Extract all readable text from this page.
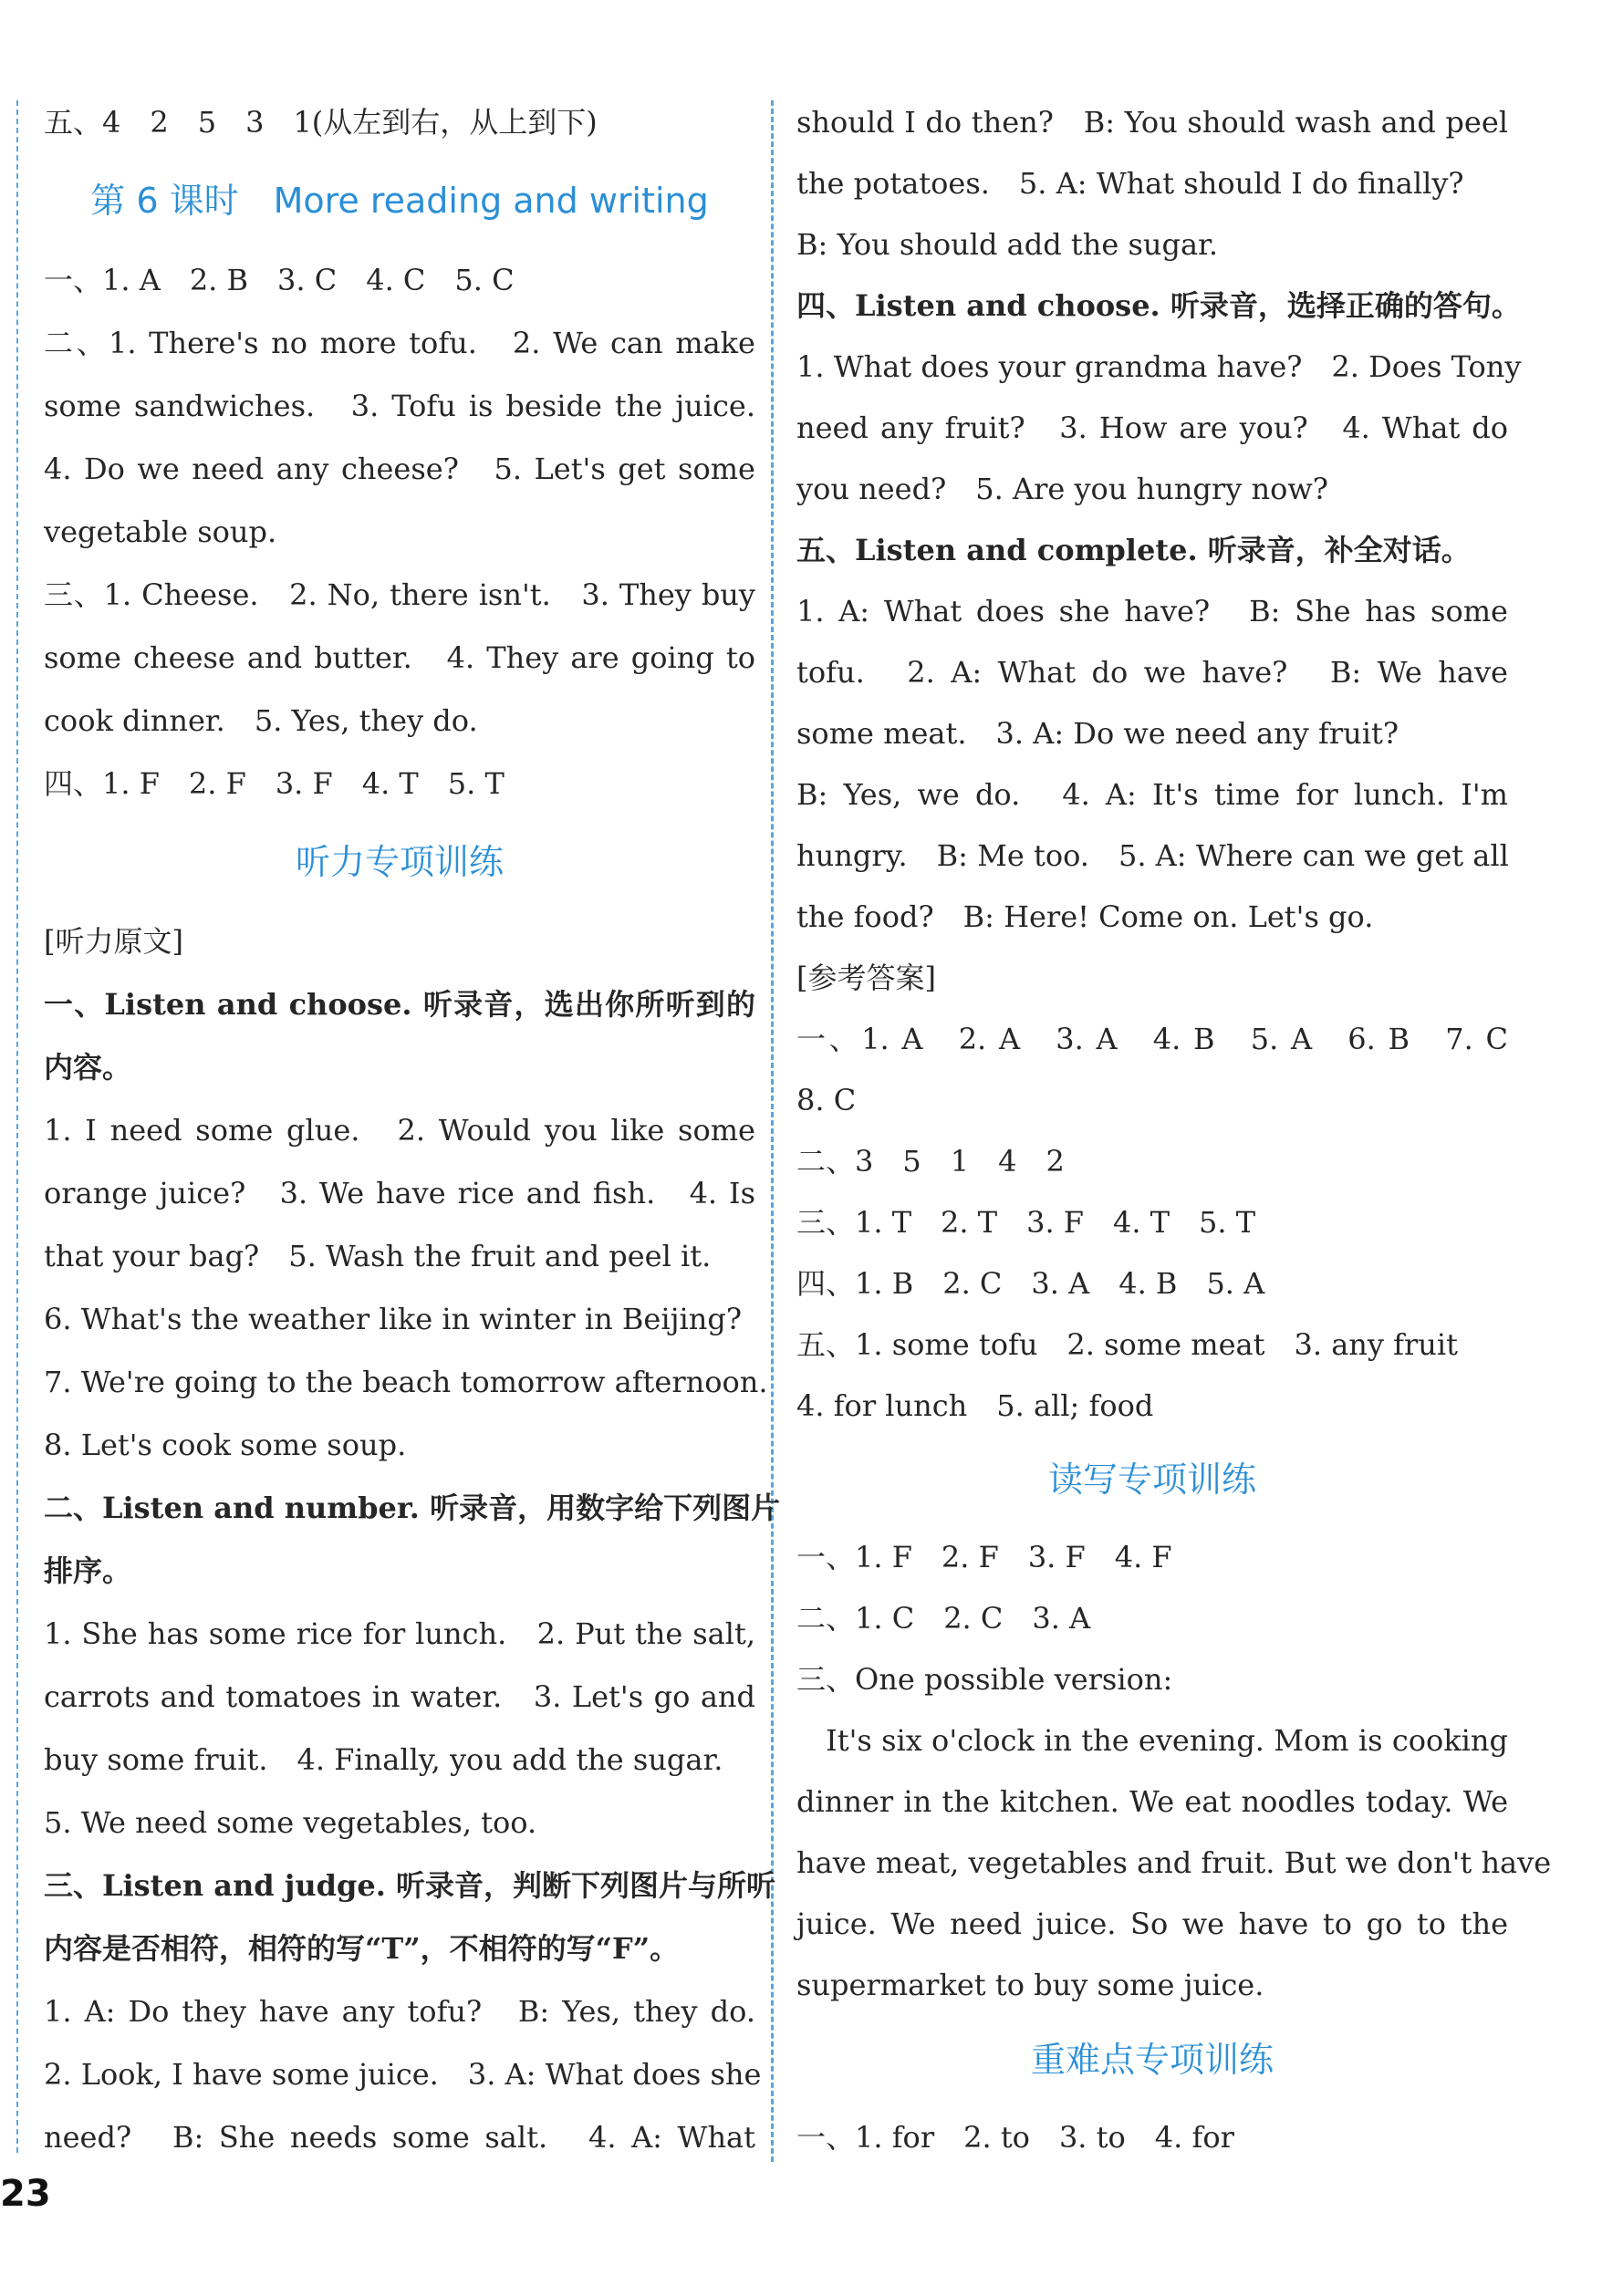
五、4　2　5　3　1(从左到右，从上到下)
第 6 课时　More reading and writing
一、1. A　2. B　3. C　4. C　5. C
二、1. There's no more tofu.　2. We can make
some sandwiches.　3. Tofu is beside the juice.
4. Do we need any cheese?　5. Let's get some
vegetable soup.
三、1. Cheese.　2. No, there isn't.　3. They buy
some cheese and butter.　4. They are going to
cook dinner.　5. Yes, they do.
四、1. F　2. F　3. F　4. T　5. T
听力专项训练
[听力原文]
一、Listen and choose. 听录音，选出你所听到的
内容。
1. I need some glue.　2. Would you like some
orange juice?　3. We have rice and fish.　4. Is
that your bag?　5. Wash the fruit and peel it.
6. What's the weather like in winter in Beijing?
7. We're going to the beach tomorrow afternoon.
8. Let's cook some soup.
二、Listen and number. 听录音，用数字给下列图片
排序。
1. She has some rice for lunch.　2. Put the salt,
carrots and tomatoes in water.　3. Let's go and
buy some fruit.　4. Finally, you add the sugar.
5. We need some vegetables, too.
三、Listen and judge. 听录音，判断下列图片与所听
内容是否相符，相符的写“T”，不相符的写“F”。
1. A: Do they have any tofu?　B: Yes, they do.
2. Look, I have some juice.　3. A: What does she
need?　B: She needs some salt.　4. A: What
should I do then?　B: You should wash and peel
the potatoes.　5. A: What should I do finally?
B: You should add the sugar.
四、Listen and choose. 听录音，选择正确的答句。
1. What does your grandma have?　2. Does Tony
need any fruit?　3. How are you?　4. What do
you need?　5. Are you hungry now?
五、Listen and complete. 听录音，补全对话。
1. A: What does she have?　B: She has some
tofu.　2. A: What do we have?　B: We have
some meat.　3. A: Do we need any fruit?
B: Yes, we do.　4. A: It's time for lunch. I'm
hungry.　B: Me too.　5. A: Where can we get all
the food?　B: Here! Come on. Let's go.
[参考答案]
一、1. A　2. A　3. A　4. B　5. A　6. B　7. C
8. C
二、3　5　1　4　2
三、1. T　2. T　3. F　4. T　5. T
四、1. B　2. C　3. A　4. B　5. A
五、1. some tofu　2. some meat　3. any fruit
4. for lunch　5. all; food
读写专项训练
一、1. F　2. F　3. F　4. F
二、1. C　2. C　3. A
三、One possible version:
　It's six o'clock in the evening. Mom is cooking
dinner in the kitchen. We eat noodles today. We
have meat, vegetables and fruit. But we don't have
juice. We need juice. So we have to go to the
supermarket to buy some juice.
重难点专项训练
一、1. for　2. to　3. to　4. for
23
